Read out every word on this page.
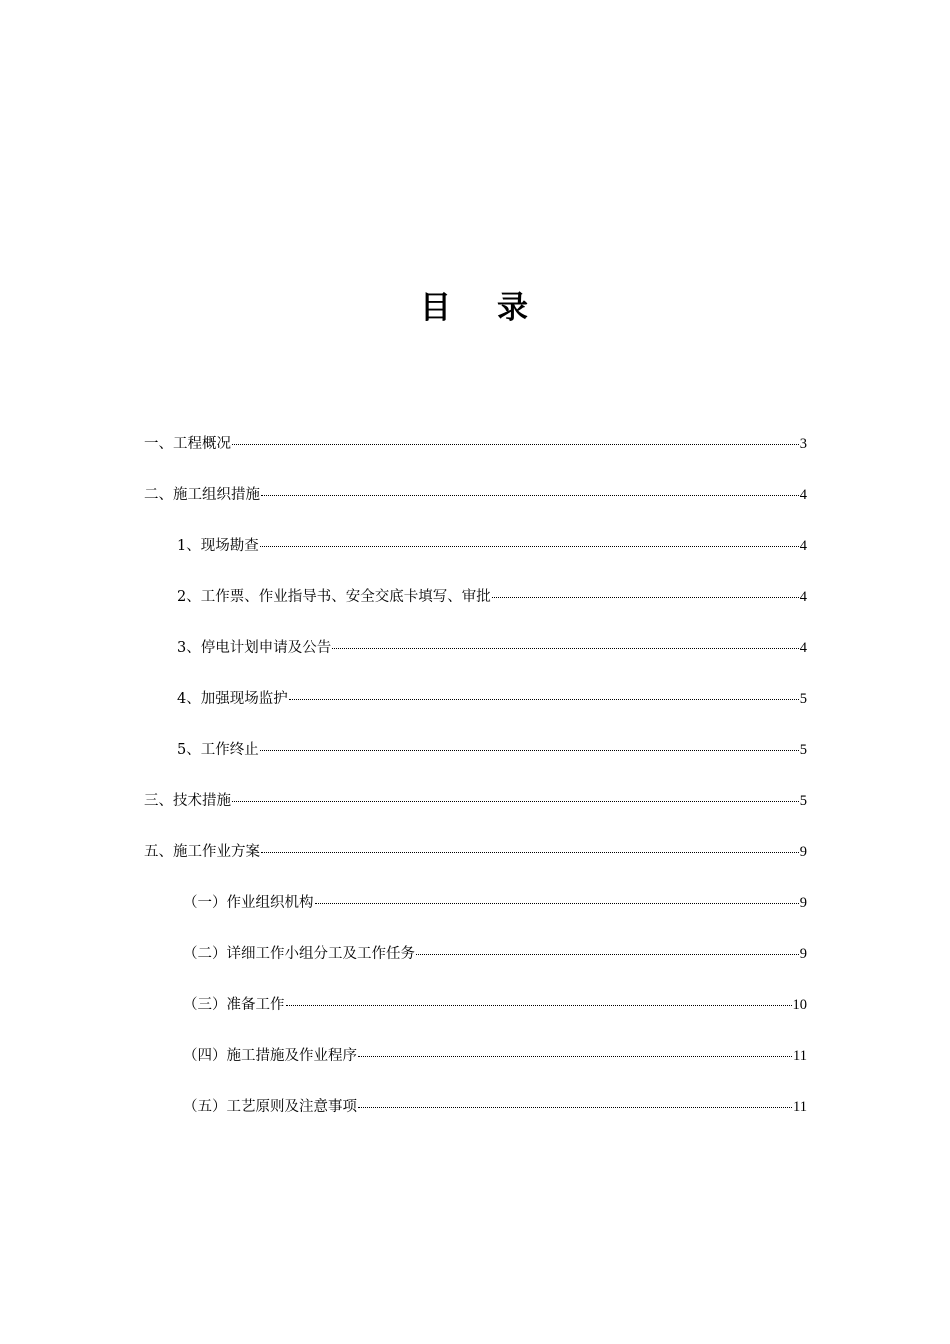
目 录
一、工程概况	3
二、施工组织措施	4
1、现场勘查	4
2、工作票、作业指导书、安全交底卡填写、审批	4
3、停电计划申请及公告	4
4、加强现场监护	5
5、工作终止	5
三、技术措施	5
五、施工作业方案	9
（一）作业组织机构	9
（二）详细工作小组分工及工作任务	9
（三）准备工作	10
（四）施工措施及作业程序	11
（五）工艺原则及注意事项	11
